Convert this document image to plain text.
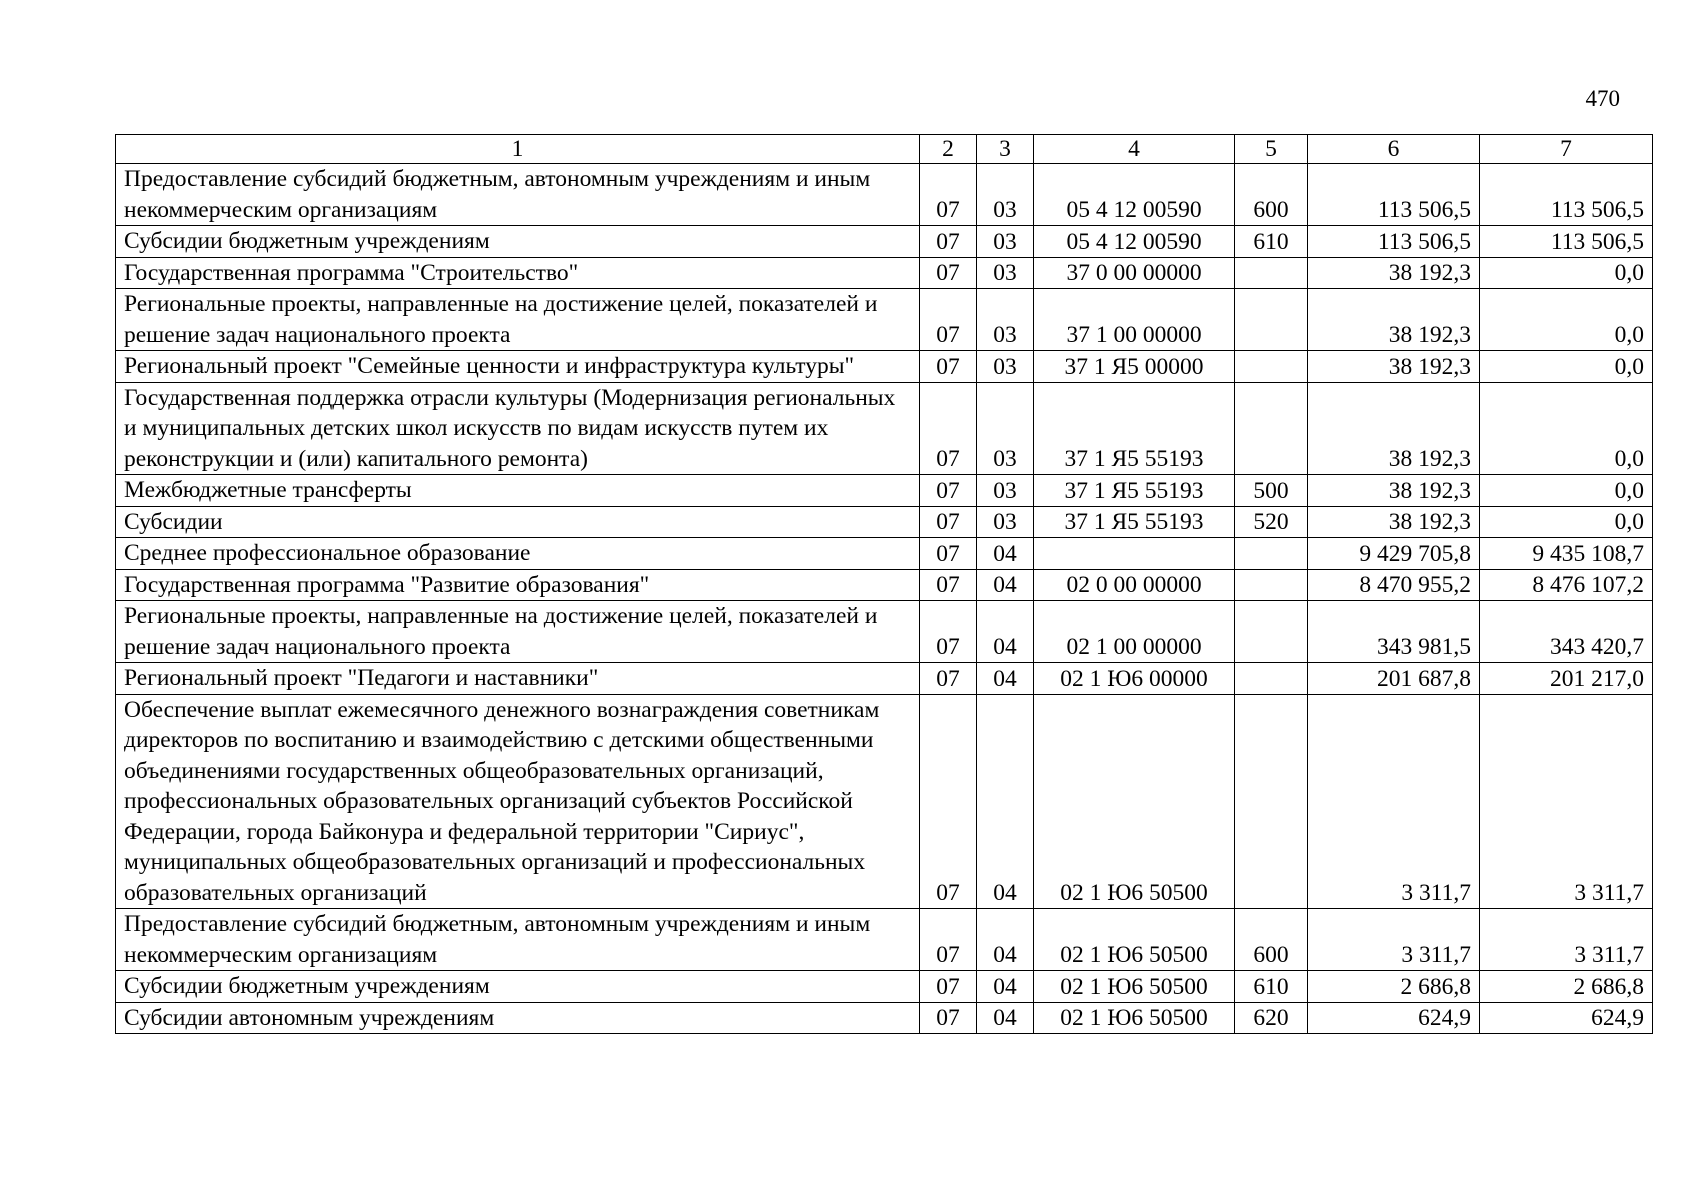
470
1	2	3	4	5	6	7
Предоставление субсидий бюджетным, автономным учреждениям и иным некоммерческим организациям	07	03	05 4 12 00590	600	113 506,5	113 506,5
Субсидии бюджетным учреждениям	07	03	05 4 12 00590	610	113 506,5	113 506,5
Государственная программа "Строительство"	07	03	37 0 00 00000		38 192,3	0,0
Региональные проекты, направленные на достижение целей, показателей и решение задач национального проекта	07	03	37 1 00 00000		38 192,3	0,0
Региональный проект "Семейные ценности и инфраструктура культуры"	07	03	37 1 Я5 00000		38 192,3	0,0
Государственная поддержка отрасли культуры (Модернизация региональных и муниципальных детских школ искусств по видам искусств путем их реконструкции и (или) капитального ремонта)	07	03	37 1 Я5 55193		38 192,3	0,0
Межбюджетные трансферты	07	03	37 1 Я5 55193	500	38 192,3	0,0
Субсидии	07	03	37 1 Я5 55193	520	38 192,3	0,0
Среднее профессиональное образование	07	04			9 429 705,8	9 435 108,7
Государственная программа "Развитие образования"	07	04	02 0 00 00000		8 470 955,2	8 476 107,2
Региональные проекты, направленные на достижение целей, показателей и решение задач национального проекта	07	04	02 1 00 00000		343 981,5	343 420,7
Региональный проект "Педагоги и наставники"	07	04	02 1 Ю6 00000		201 687,8	201 217,0
Обеспечение выплат ежемесячного денежного вознаграждения советникам директоров по воспитанию и взаимодействию с детскими общественными объединениями государственных общеобразовательных организаций, профессиональных образовательных организаций субъектов Российской Федерации, города Байконура и федеральной территории "Сириус", муниципальных общеобразовательных организаций и профессиональных образовательных организаций	07	04	02 1 Ю6 50500		3 311,7	3 311,7
Предоставление субсидий бюджетным, автономным учреждениям и иным некоммерческим организациям	07	04	02 1 Ю6 50500	600	3 311,7	3 311,7
Субсидии бюджетным учреждениям	07	04	02 1 Ю6 50500	610	2 686,8	2 686,8
Субсидии автономным учреждениям	07	04	02 1 Ю6 50500	620	624,9	624,9
